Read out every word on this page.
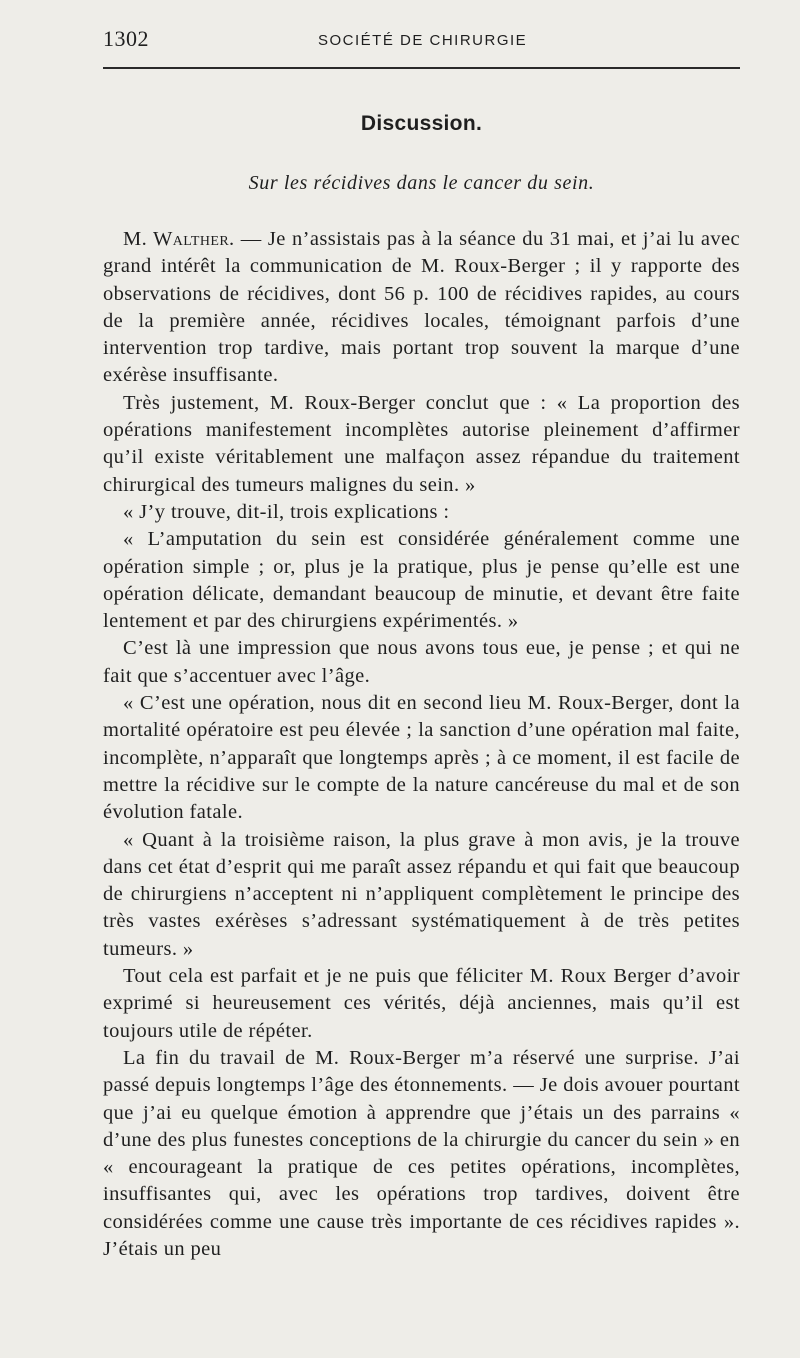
1302	SOCIÉTÉ DE CHIRURGIE
Discussion.
Sur les récidives dans le cancer du sein.

M. Walther. — Je n’assistais pas à la séance du 31 mai, et j’ai lu avec grand intérêt la communication de M. Roux-Berger ; il y rapporte des observations de récidives, dont 56 p. 100 de récidives rapides, au cours de la première année, récidives locales, témoignant parfois d’une intervention trop tardive, mais portant trop souvent la marque d’une exérèse insuffisante.

Très justement, M. Roux-Berger conclut que : « La proportion des opérations manifestement incomplètes autorise pleinement d’affirmer qu’il existe véritablement une malfaçon assez répandue du traitement chirurgical des tumeurs malignes du sein. »

« J’y trouve, dit-il, trois explications :

« L’amputation du sein est considérée généralement comme une opération simple ; or, plus je la pratique, plus je pense qu’elle est une opération délicate, demandant beaucoup de minutie, et devant être faite lentement et par des chirurgiens expérimentés. »

C’est là une impression que nous avons tous eue, je pense ; et qui ne fait que s’accentuer avec l’âge.

« C’est une opération, nous dit en second lieu M. Roux-Berger, dont la mortalité opératoire est peu élevée ; la sanction d’une opération mal faite, incomplète, n’apparaît que longtemps après ; à ce moment, il est facile de mettre la récidive sur le compte de la nature cancéreuse du mal et de son évolution fatale.

« Quant à la troisième raison, la plus grave à mon avis, je la trouve dans cet état d’esprit qui me paraît assez répandu et qui fait que beaucoup de chirurgiens n’acceptent ni n’appliquent complètement le principe des très vastes exérèses s’adressant systématiquement à de très petites tumeurs. »

Tout cela est parfait et je ne puis que féliciter M. Roux Berger d’avoir exprimé si heureusement ces vérités, déjà anciennes, mais qu’il est toujours utile de répéter.

La fin du travail de M. Roux-Berger m’a réservé une surprise. J’ai passé depuis longtemps l’âge des étonnements. — Je dois avouer pourtant que j’ai eu quelque émotion à apprendre que j’étais un des parrains « d’une des plus funestes conceptions de la chirurgie du cancer du sein » en « encourageant la pratique de ces petites opérations, incomplètes, insuffisantes qui, avec les opérations trop tardives, doivent être considérées comme une cause très importante de ces récidives rapides ». J’étais un peu
